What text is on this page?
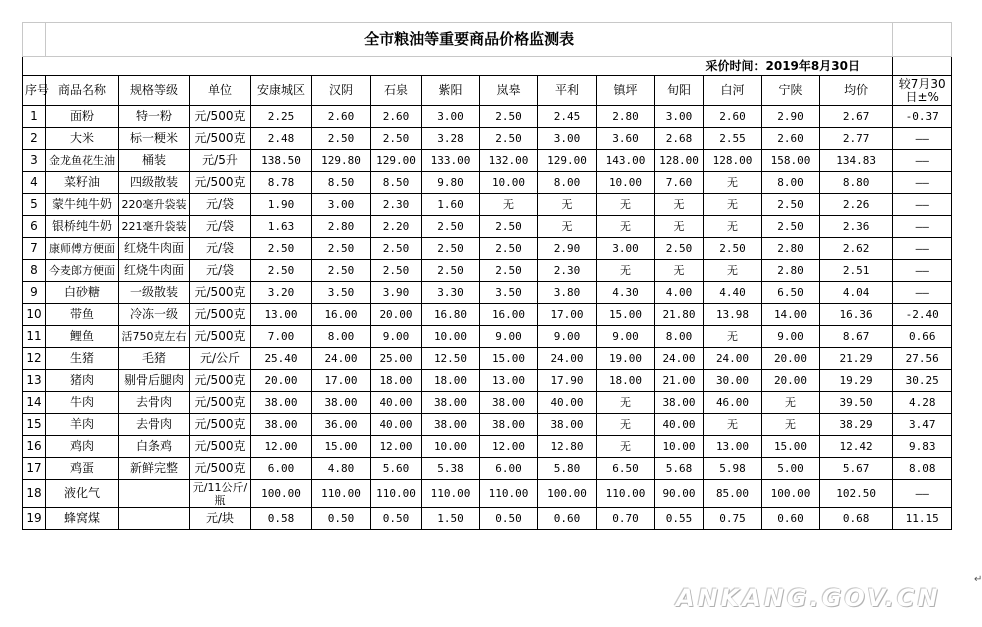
	全市粮油等重要商品价格监测表														
												采价时间：2019年8月30日			
序号	商品名称	规格等级	单位	安康城区	汉阴	石泉	紫阳	岚皋	平利	镇坪	旬阳	白河	宁陕	均价	较7月30日±%
1	面粉	特一粉	元/500克	2.25	2.60	2.60	3.00	2.50	2.45	2.80	3.00	2.60	2.90	2.67	-0.37
2	大米	标一粳米	元/500克	2.48	2.50	2.50	3.28	2.50	3.00	3.60	2.68	2.55	2.60	2.77	——
3	金龙鱼花生油	桶装	元/5升	138.50	129.80	129.00	133.00	132.00	129.00	143.00	128.00	128.00	158.00	134.83	——
4	菜籽油	四级散装	元/500克	8.78	8.50	8.50	9.80	10.00	8.00	10.00	7.60	无	8.00	8.80	——
5	蒙牛纯牛奶	220毫升袋装	元/袋	1.90	3.00	2.30	1.60	无	无	无	无	无	2.50	2.26	——
6	银桥纯牛奶	221毫升袋装	元/袋	1.63	2.80	2.20	2.50	2.50	无	无	无	无	2.50	2.36	——
7	康师傅方便面	红烧牛肉面	元/袋	2.50	2.50	2.50	2.50	2.50	2.90	3.00	2.50	2.50	2.80	2.62	——
8	今麦郎方便面	红烧牛肉面	元/袋	2.50	2.50	2.50	2.50	2.50	2.30	无	无	无	2.80	2.51	——
9	白砂糖	一级散装	元/500克	3.20	3.50	3.90	3.30	3.50	3.80	4.30	4.00	4.40	6.50	4.04	——
10	带鱼	冷冻一级	元/500克	13.00	16.00	20.00	16.80	16.00	17.00	15.00	21.80	13.98	14.00	16.36	-2.40
11	鲤鱼	活750克左右	元/500克	7.00	8.00	9.00	10.00	9.00	9.00	9.00	8.00	无	9.00	8.67	0.66
12	生猪	毛猪	元/公斤	25.40	24.00	25.00	12.50	15.00	24.00	19.00	24.00	24.00	20.00	21.29	27.56
13	猪肉	剔骨后腿肉	元/500克	20.00	17.00	18.00	18.00	13.00	17.90	18.00	21.00	30.00	20.00	19.29	30.25
14	牛肉	去骨肉	元/500克	38.00	38.00	40.00	38.00	38.00	40.00	无	38.00	46.00	无	39.50	4.28
15	羊肉	去骨肉	元/500克	38.00	36.00	40.00	38.00	38.00	38.00	无	40.00	无	无	38.29	3.47
16	鸡肉	白条鸡	元/500克	12.00	15.00	12.00	10.00	12.00	12.80	无	10.00	13.00	15.00	12.42	9.83
17	鸡蛋	新鲜完整	元/500克	6.00	4.80	5.60	5.38	6.00	5.80	6.50	5.68	5.98	5.00	5.67	8.08
18	液化气		元/11公斤/瓶	100.00	110.00	110.00	110.00	110.00	100.00	110.00	90.00	85.00	100.00	102.50	——
19	蜂窝煤		元/块	0.58	0.50	0.50	1.50	0.50	0.60	0.70	0.55	0.75	0.60	0.68	11.15
↵
ANKANG.GOV.CN
